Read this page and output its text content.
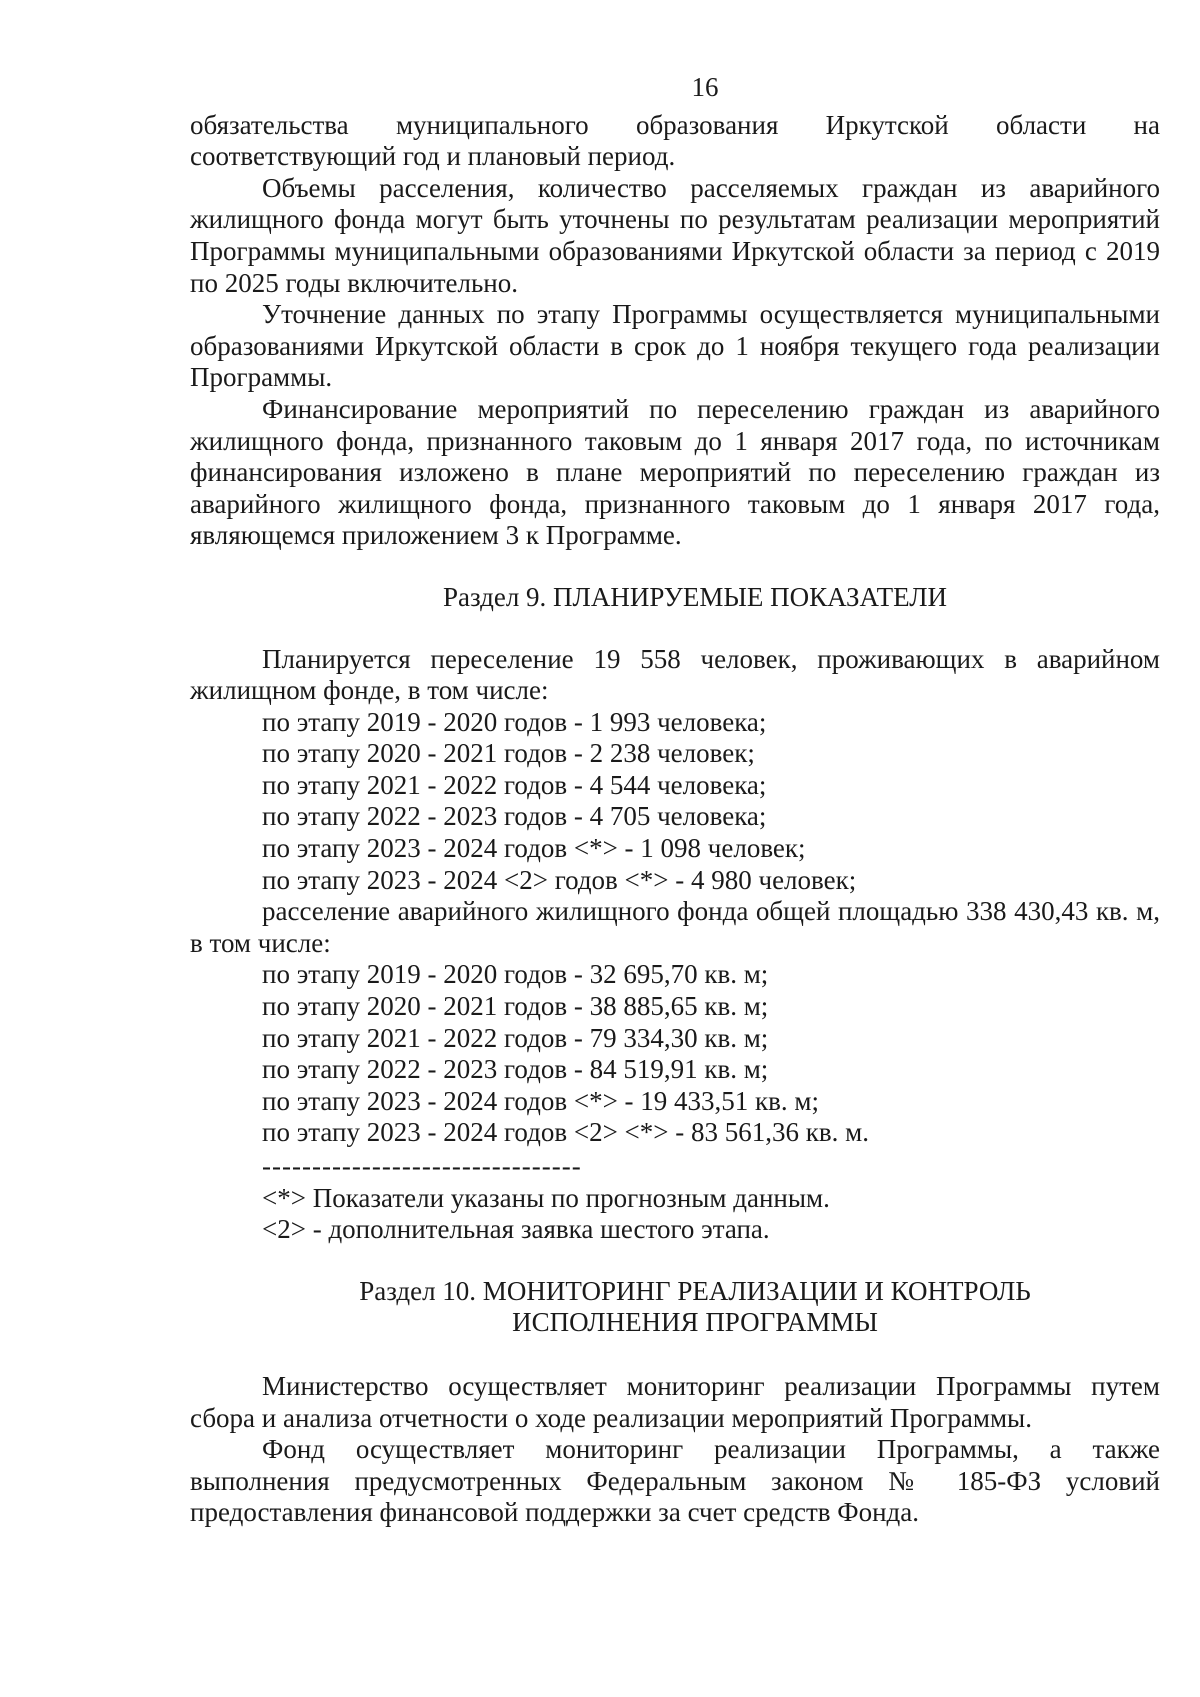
16

обязательства муниципального образования Иркутской области на соответствующий год и плановый период.

Объемы расселения, количество расселяемых граждан из аварийного жилищного фонда могут быть уточнены по результатам реализации мероприятий Программы муниципальными образованиями Иркутской области за период с 2019 по 2025 годы включительно.

Уточнение данных по этапу Программы осуществляется муниципальными образованиями Иркутской области в срок до 1 ноября текущего года реализации Программы.

Финансирование мероприятий по переселению граждан из аварийного жилищного фонда, признанного таковым до 1 января 2017 года, по источникам финансирования изложено в плане мероприятий по переселению граждан из аварийного жилищного фонда, признанного таковым до 1 января 2017 года, являющемся приложением 3 к Программе.

Раздел 9. ПЛАНИРУЕМЫЕ ПОКАЗАТЕЛИ

Планируется переселение 19 558 человек, проживающих в аварийном жилищном фонде, в том числе:

по этапу 2019 - 2020 годов - 1 993 человека;

по этапу 2020 - 2021 годов - 2 238 человек;

по этапу 2021 - 2022 годов - 4 544 человека;

по этапу 2022 - 2023 годов - 4 705 человека;

по этапу 2023 - 2024 годов <*> - 1 098 человек;

по этапу 2023 - 2024 <2> годов <*> - 4 980 человек;

расселение аварийного жилищного фонда общей площадью 338 430,43 кв. м, в том числе:

по этапу 2019 - 2020 годов - 32 695,70 кв. м;

по этапу 2020 - 2021 годов - 38 885,65 кв. м;

по этапу 2021 - 2022 годов - 79 334,30 кв. м;

по этапу 2022 - 2023 годов - 84 519,91 кв. м;

по этапу 2023 - 2024 годов <*> - 19 433,51 кв. м;

по этапу 2023 - 2024 годов <2> <*> - 83 561,36 кв. м.

--------------------------------

<*> Показатели указаны по прогнозным данным.

<2> - дополнительная заявка шестого этапа.

Раздел 10. МОНИТОРИНГ РЕАЛИЗАЦИИ И КОНТРОЛЬ

ИСПОЛНЕНИЯ ПРОГРАММЫ

Министерство осуществляет мониторинг реализации Программы путем сбора и анализа отчетности о ходе реализации мероприятий Программы.

Фонд осуществляет мониторинг реализации Программы, а также выполнения предусмотренных Федеральным законом № 185-ФЗ условий предоставления финансовой поддержки за счет средств Фонда.
